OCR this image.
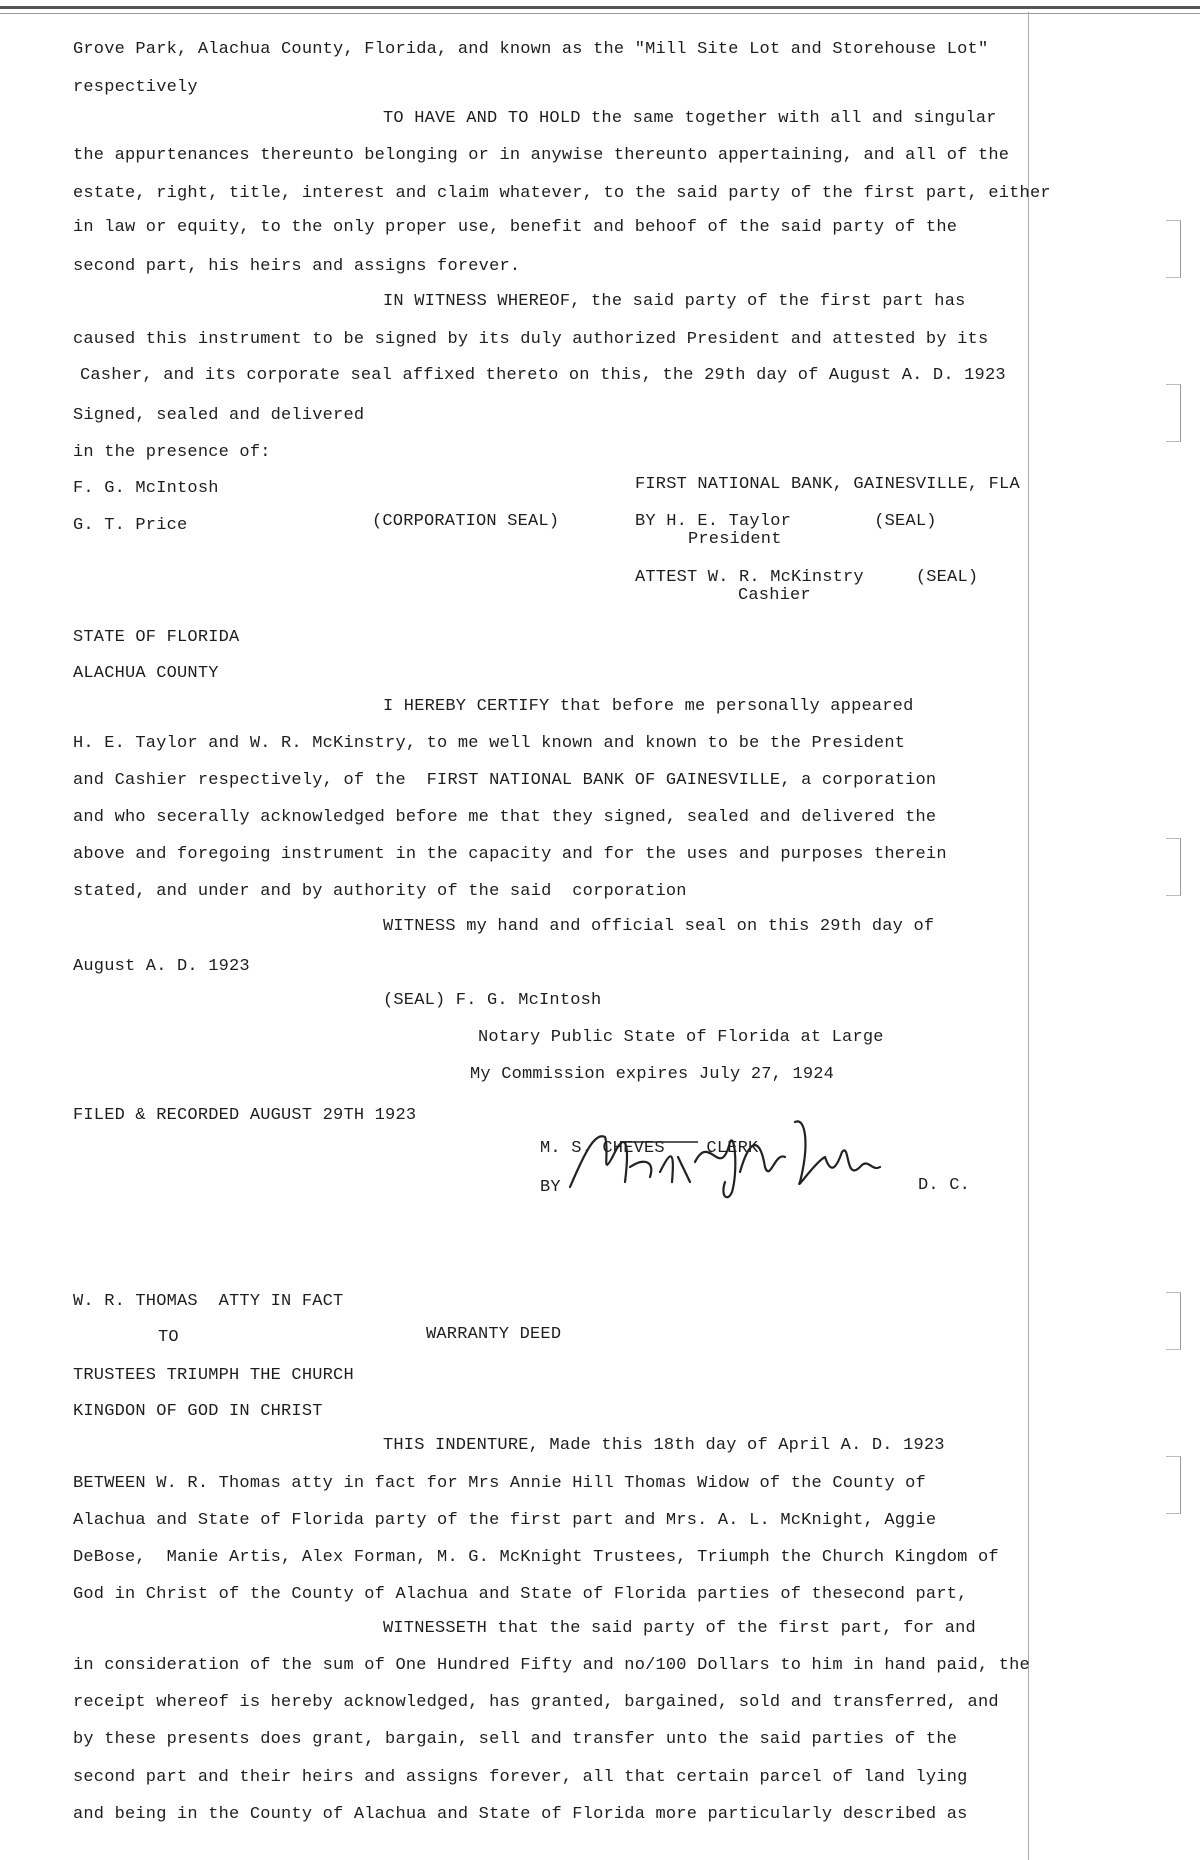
Grove Park, Alachua County, Florida, and known as the "Mill Site Lot and Storehouse Lot"
respectively
TO HAVE AND TO HOLD the same together with all and singular
the appurtenances thereunto belonging or in anywise thereunto appertaining, and all of the
estate, right, title, interest and claim whatever, to the said party of the first part, either
in law or equity, to the only proper use, benefit and behoof of the said party of the
second part, his heirs and assigns forever.
IN WITNESS WHEREOF, the said party of the first part has
caused this instrument to be signed by its duly authorized President and attested by its
Casher, and its corporate seal affixed thereto on this, the 29th day of August A. D. 1923
Signed, sealed and delivered
in the presence of:
F. G. McIntosh	FIRST NATIONAL BANK, GAINESVILLE, FLA
G. T. Price	(CORPORATION SEAL)	BY H. E. Taylor        (SEAL)
President
ATTEST W. R. McKinstry     (SEAL)
Cashier
STATE OF FLORIDA
ALACHUA COUNTY
I HEREBY CERTIFY that before me personally appeared
H. E. Taylor and W. R. McKinstry, to me well known and known to be the President
and Cashier respectively, of the  FIRST NATIONAL BANK OF GAINESVILLE, a corporation
and who secerally acknowledged before me that they signed, sealed and delivered the
above and foregoing instrument in the capacity and for the uses and purposes therein
stated, and under and by authority of the said  corporation
WITNESS my hand and official seal on this 29th day of
August A. D. 1923
(SEAL) F. G. McIntosh
Notary Public State of Florida at Large
My Commission expires July 27, 1924
FILED & RECORDED AUGUST 29TH 1923
M. S. CHEVES    CLERK
BY	D. C.
W. R. THOMAS  ATTY IN FACT
TO	WARRANTY DEED
TRUSTEES TRIUMPH THE CHURCH
KINGDON OF GOD IN CHRIST
THIS INDENTURE, Made this 18th day of April A. D. 1923
BETWEEN W. R. Thomas atty in fact for Mrs Annie Hill Thomas Widow of the County of
Alachua and State of Florida party of the first part and Mrs. A. L. McKnight, Aggie
DeBose,  Manie Artis, Alex Forman, M. G. McKnight Trustees, Triumph the Church Kingdom of
God in Christ of the County of Alachua and State of Florida parties of thesecond part,
WITNESSETH that the said party of the first part, for and
in consideration of the sum of One Hundred Fifty and no/100 Dollars to him in hand paid, the
receipt whereof is hereby acknowledged, has granted, bargained, sold and transferred, and
by these presents does grant, bargain, sell and transfer unto the said parties of the
second part and their heirs and assigns forever, all that certain parcel of land lying
and being in the County of Alachua and State of Florida more particularly described as
